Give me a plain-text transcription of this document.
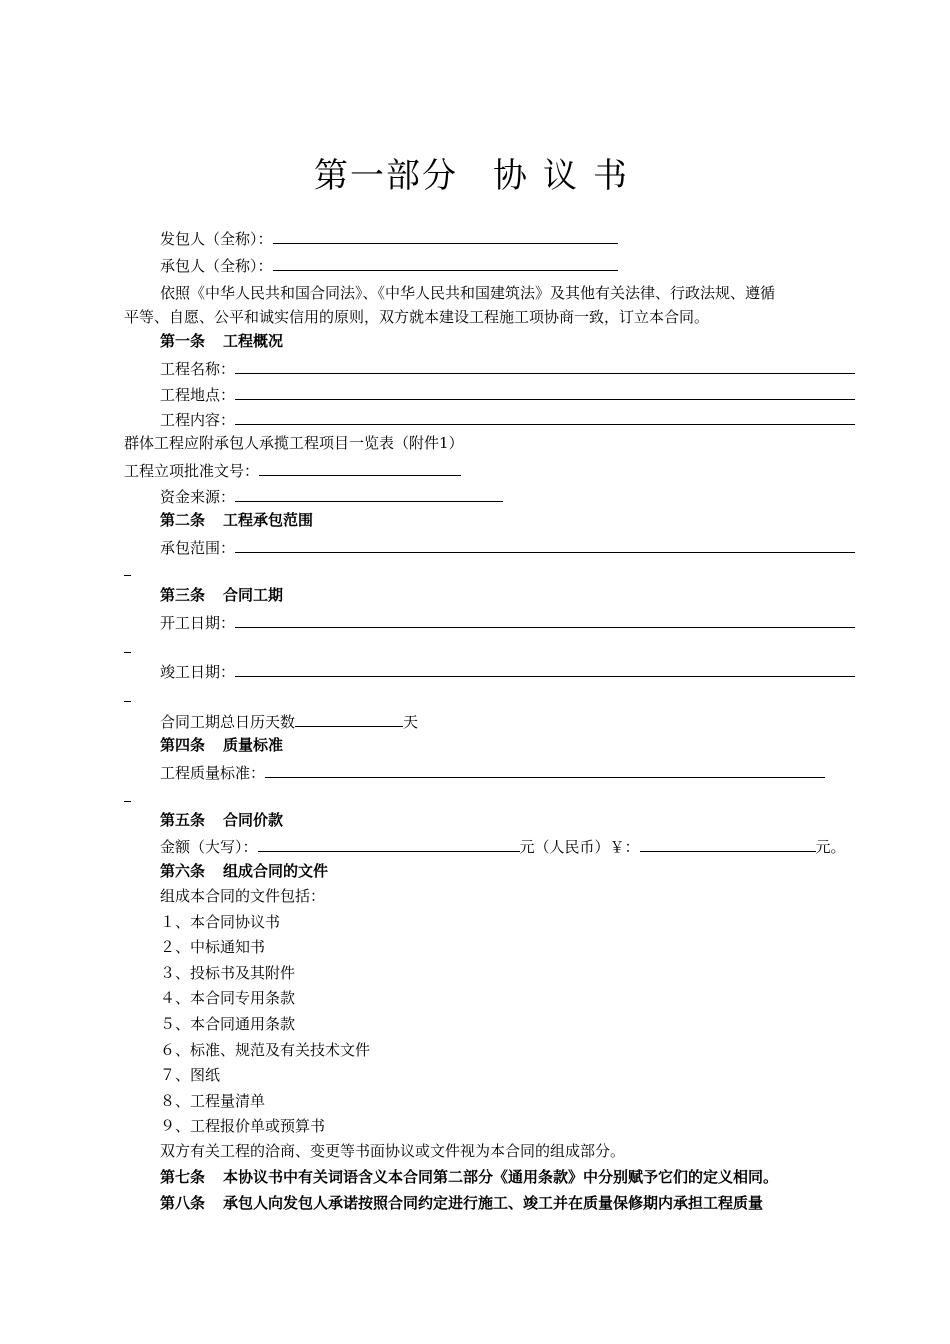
第一部分 协 议 书
发包人（全称）：
承包人（全称）：
依照《中华人民共和国合同法》、《中华人民共和国建筑法》及其他有关法律、行政法规、遵循
平等、自愿、公平和诚实信用的原则，双方就本建设工程施工项协商一致，订立本合同。
第一条 工程概况
工程名称：
工程地点：
工程内容：
群体工程应附承包人承揽工程项目一览表（附件1）
工程立项批准文号：
资金来源：
第二条 工程承包范围
承包范围：
第三条 合同工期
开工日期：
竣工日期：
合同工期总日历天数	天
第四条 质量标准
工程质量标准：
第五条 合同价款
金额（大写）：	元（人民币）￥：	元。
第六条 组成合同的文件
组成本合同的文件包括：
１、本合同协议书
２、中标通知书
３、投标书及其附件
４、本合同专用条款
５、本合同通用条款
６、标准、规范及有关技术文件
７、图纸
８、工程量清单
９、工程报价单或预算书
双方有关工程的洽商、变更等书面协议或文件视为本合同的组成部分。
第七条 本协议书中有关词语含义本合同第二部分《通用条款》中分别赋予它们的定义相同。
第八条 承包人向发包人承诺按照合同约定进行施工、竣工并在质量保修期内承担工程质量
